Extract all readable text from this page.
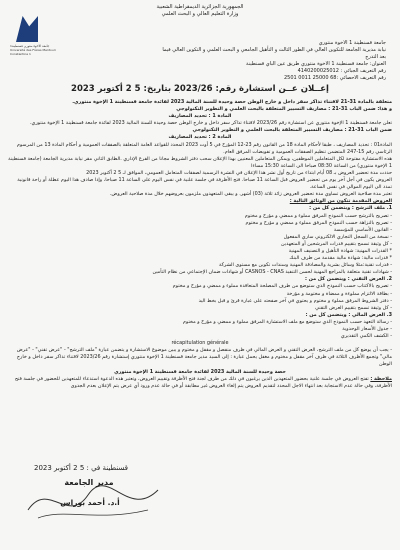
الجمهورية الجزائرية الديمقراطية الشعبية
وزارة التعليم العالي و البحث العلمي
جامعة الاخوة منتوري قسنطينة1
Université des Frères Mentouri Constantine 1
جامعة قسنطينة 1 الاخوة منتوري
نيابة مديرية الجامعة للتكوين العالي في الطور الثالث و التأهيل الجامعي و البحث العلمي و التكوين العالي فيما بعد التدرج
العنوان: جامعة قسنطينة 1 الاخوة منتوري طريق عين الباي قسنطينة
رقم التعريف الجبائي : 4140200025012
رقم التعريف الاحصائي :68 25000 0011 2501
إعــلان عــن استشارة رقم: 2023/26 بتاريخ: 5 2 أكتوبر 2023

متعلقة بالمادة 31-21 لاقتناء تذاكر سفر داخل و خارج الوطن حصة وحيدة للسنة المالية 2023 لفائدة جامعة قسنطينة 1 الإخوة منتوري.

و هذا: ضمن الباب 31-21 : مصاريف التسيير المتعلقة بالبحث العلمي و التطوير التكنولوجي

المادة 1 : تحديد المصاريف

تعلن جامعة قسنطينة 1 الإخوة منتوري عن استشارة رقم 2023/26 لاقتناء تذاكر سفر داخل و خارج الوطن حصة وحيدة للسنة المالية 2023 لفائدة جامعة قسنطينة 1 الإخوة منتوري.

ضمن الباب 31-21 : مصاريف التسيير المتعلقة بالبحث العلمي و التطوير التكنولوجي

المادة 2 : تحديد المصاريف

المادة01 : تحديد المصاريف ، طبقا لأحكام المادة 18 من القانون رقم 23-12 المؤرخ في 5 أوت 2023 المحدد للقواعد العامة المتعلقة بالصفقات العمومية و أحكام المادة 13 من المرسوم الرئاسي رقم 15-247 المتضمن تنظيم الصفقات العمومية و تفويضات المرفق العام.

هذه الاستشارة مفتوحة لكل المتعاملين الموظفين، ويمكن المتعاملين المعنيين بهذا الإعلان سحب دفتر الشروط مجانا من الفرع الإداري .الطابق الثاني مقر نيابة مديرية الجامعة (جامعة قسنطينة 1 الإخوة منتوري) من الساعة 08:30 صباحا الى الساعة 15:30 مساءا

حددت مدة تحضير العروض بـ 08 أيام ابتداء من تاريخ أول نشر هذا الإعلان في النشرة الرسمية لصفقات المتعامل العمومي، الموافق لـ 5 2 أكتوبر 2023

العروض يكون في أجل آخر يوم من تحضير العروض قبل الساعة 11 صباحا. فتح الأظرفة في جلسة علنية في نفس اليوم على الساعة 11 صباحا، وإذا صادف هذا اليوم عطلة أو راحة قانونية تمدد الى اليوم الموالي في نفس الساعة.

تعتبر مدة صلاحية العروض تساوي مدة تحضير العروض زائد ثلاثة (03) أشهر. و يبقى المتعهدون ملزمون بعروضهم خلال مدة صلاحية العروض.

العروض المقدمة تتكون من الوثائق التالية :

1. ملف الترشح : ويتضمن كل من :

- تصريح بالترشح حسب النموذج المرفق مملوء و ممضي و مؤرخ و مختوم

- تصريح بالنزاهة حسب النموذج المرفق مملوء و ممضي و مؤرخ و مختوم

- القانون الأساسي للمؤسسة

- نسخة من السجل التجاري الالكتروني ساري المفعول

- كل وثيقة تسمح بتقييم قدرات المرشحين أو المتعهدين

* القدرات المهنية: شهادة التأهيل و التصنيف المهنية

* قدرات مالية: شهادة مالية مقدمة من طرف البنك

- قدرات تقنية:مثلا وسائل بشرية والمصادقة المهنية وسندات تكوين مع مستوى الشركة

- شهادات تقنية متعلقة بالمراجع المهنية لحسن التنفيذ CASNOS - CNAS أو شهادات ضمان الإجتماعي من نظام التأمين

2. العرض التقني : ويتضمن كل من :

- تصريح بالاكتتاب حسب النموذج الذي ستوضع من طرف المصلحة المتعاقدة مملوء و ممضي و مؤرخ و مختوم

- بطاقة الالتزام مملوءة و ممضاة و مختومة و مؤرخة

- دفتر الشروط المرفق مملوء و مختوم و يحتوي في آخر صفحته على عبارة قرئ و قبل بخط اليد

- كل وثيقة تسمح بتقييم العرض التقني

3. العرض المالي : ويتضمن كل من :

- رسالة التعهد حسب النموذج الذي ستوضع مع ملف الاستشارة المرفق مملوء و ممضي و مؤرخ و مختوم

- جدول الأسعار الوحدوية

- الكشف الكمي التقديري

récapitulation générale

- يجب أن يوضع كل من ملف الترشح، العرض التقني و العرض المالي في ظرف منفصل و مقفل و مختوم و يبين موضوع الاستشارة و يتضمن عبارة "ملف الترشح" - "عرض تقني" - "عرض مالي" وتجمع الأظرف الثلاثة في ظرف آخر مقفل و مختوم و مغفل يحمل عبارة : إلى السيد مدير جامعة قسنطينة 1 الإخوة منتوري إستشارة رقم 2023/26 لاقتناء تذاكر سفر داخل و خارج الوطن

حصة وحيدة للسنة المالية 2023 لفائدة جامعة قسنطينة 1 الإخوة منتوري

ملاحظة : تفتح العروض في جلسة علنية بحضور المتعهدين الذين يرغبون في ذلك من طرف لجنة فتح الأظرفة وتقييم العروض، وتعتبر هذه الدعوة استدعاء للمتعهدين للحضور في جلسة فتح الأظرفة، وفي حالة عدم الاستجابة بعد انتهاء الاجل المحدد لتقديم العروض يتم إلغاء العروض غير مطابقة أو في حالة عدم ورود أي عرض يتم الإعلان بعدم الجدوى

قسنطينة في : 5 2 أكتوبر 2023
مدير الجامعة
أ.د. أحمد بوراس
